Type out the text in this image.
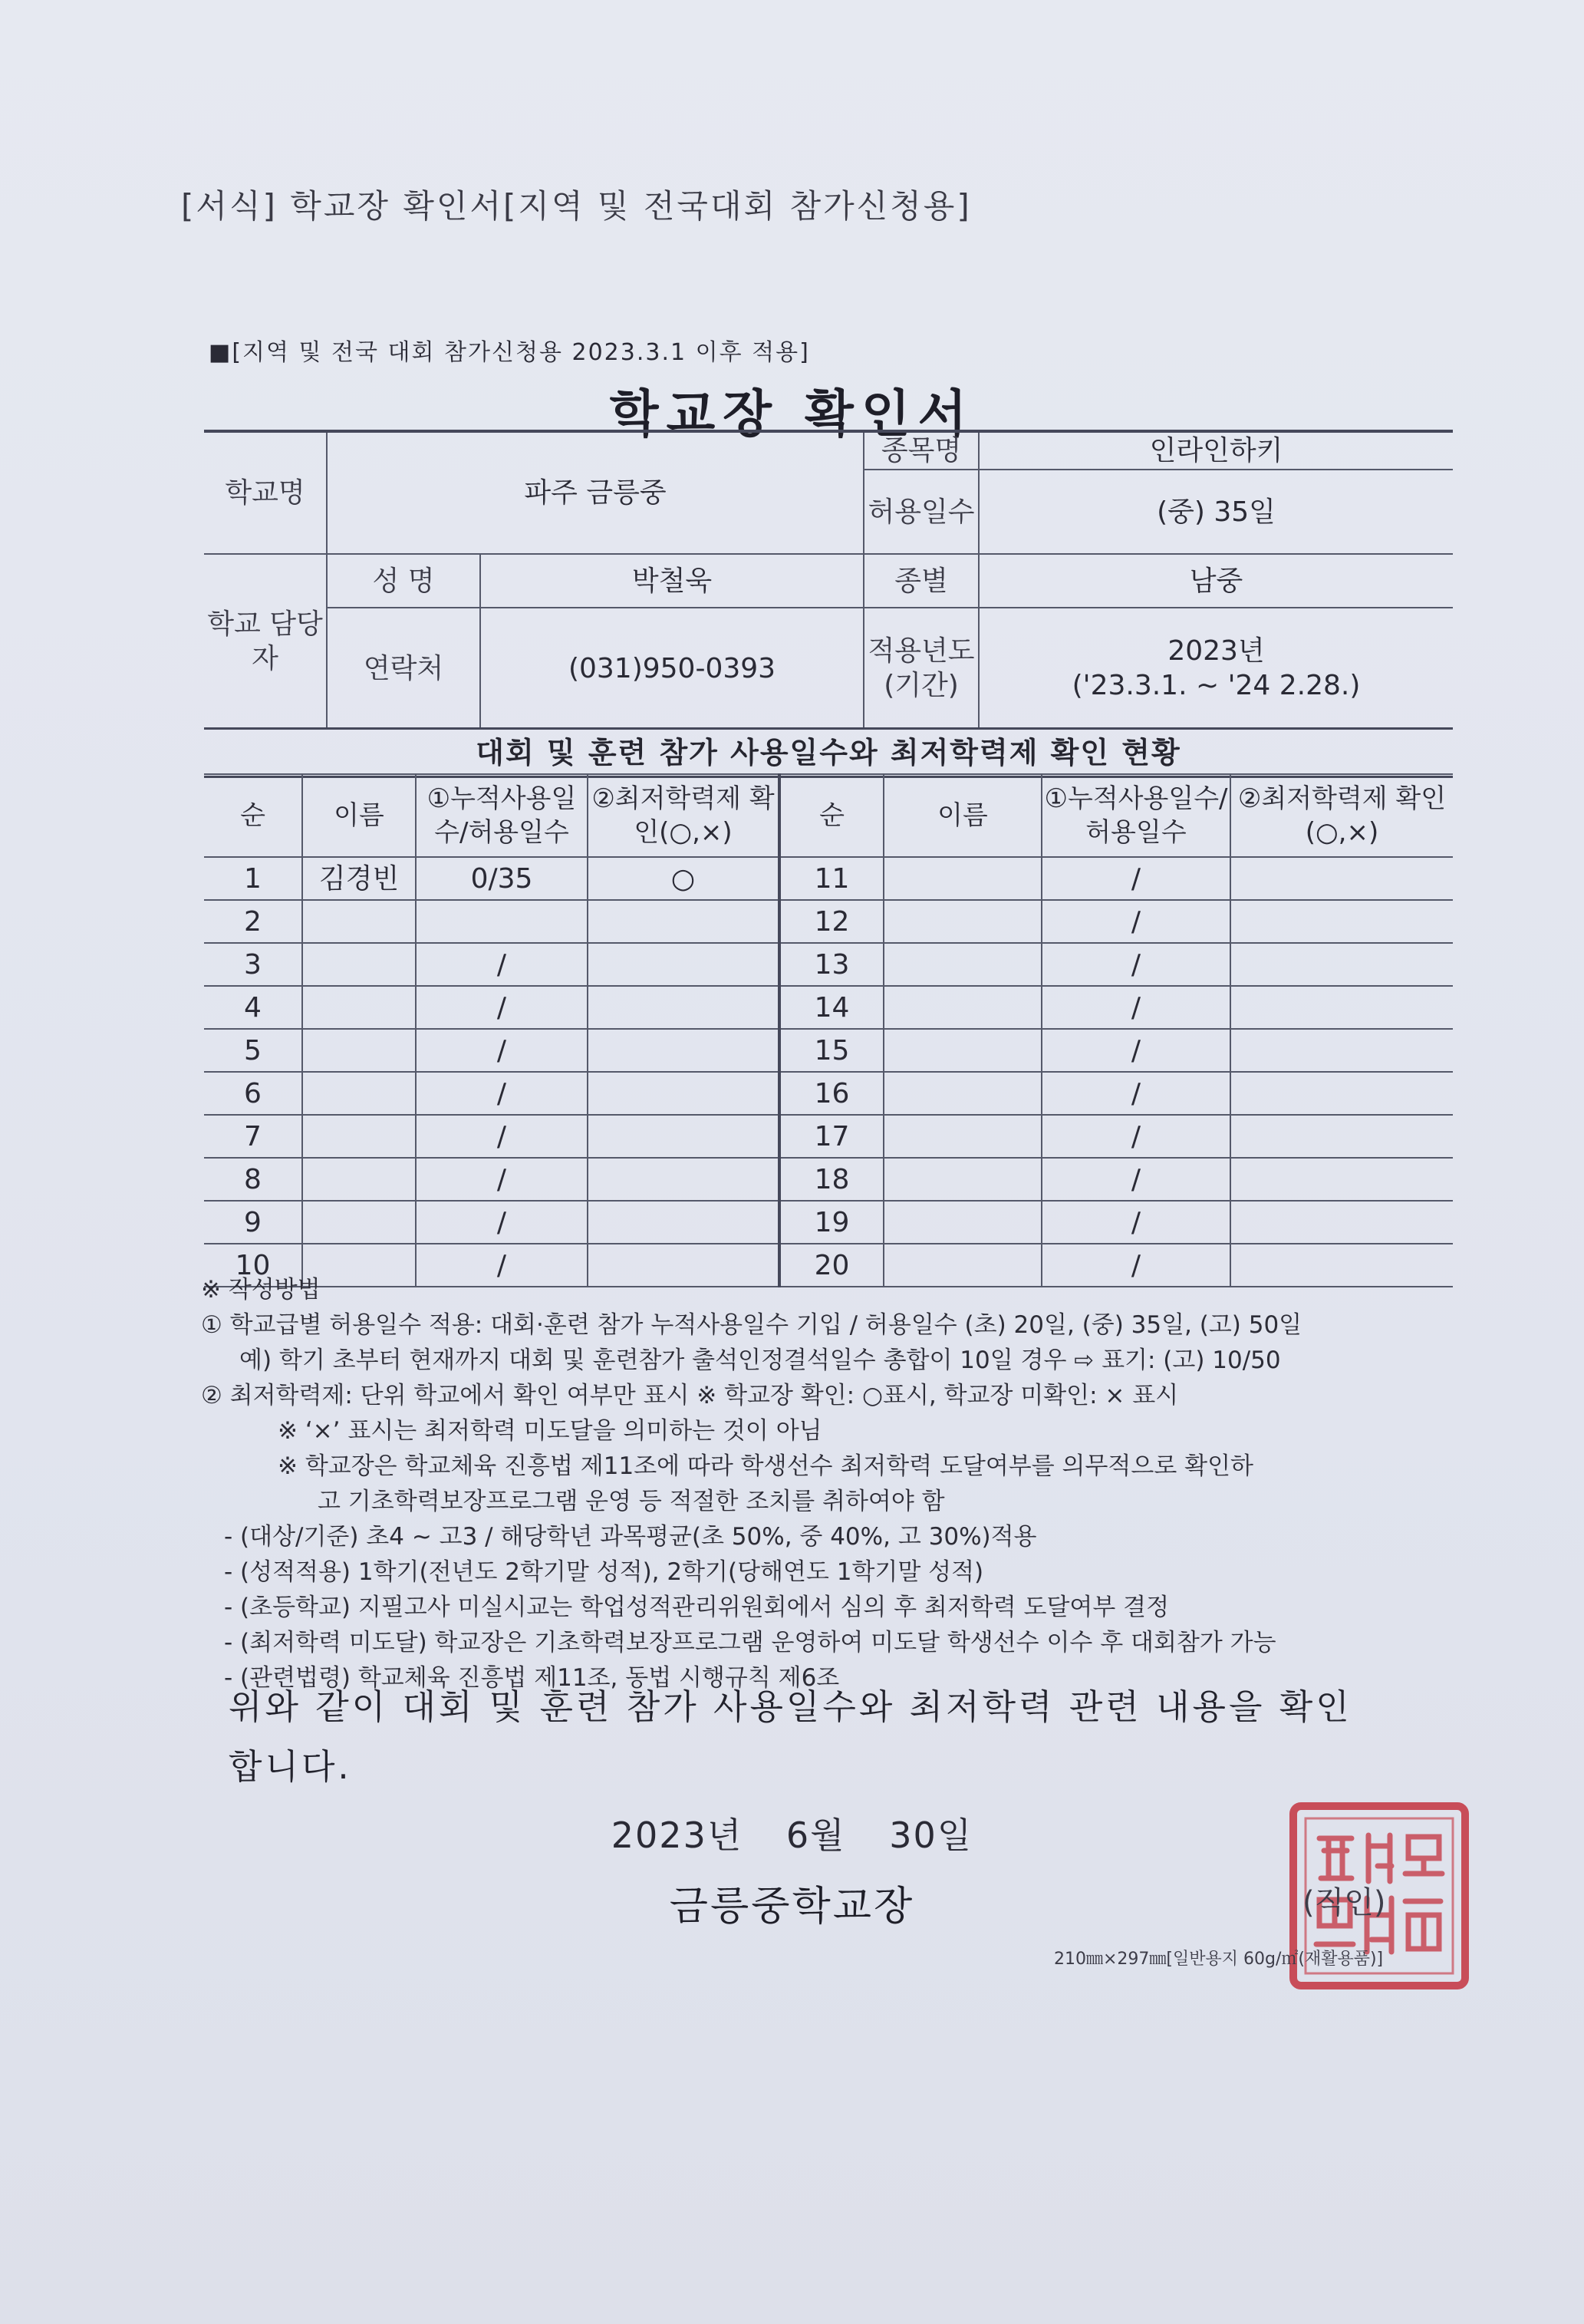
[서식] 학교장 확인서[지역 및 전국대회 참가신청용]
■[지역 및 전국 대회 참가신청용 2023.3.1 이후 적용]
학교장 확인서
학교명	파주 금릉중		종목명	인라인하키
			허용일수	(중) 35일
학교 담당자	성 명	박철욱	종별	남중
	연락처	(031)950-0393	적용년도 (기간)	2023년
('23.3.1. ~ '24 2.28.)
대회 및 훈련 참가 사용일수와 최저학력제 확인 현황
순	이름	①누적사용일수/허용일수	②최저학력제 확인(○,×)	순	이름	①누적사용일수/허용일수	②최저학력제 확인(○,×)
1	김경빈	0/35	○	11		/	
2				12		/	
3		/		13		/	
4		/		14		/	
5		/		15		/	
6		/		16		/	
7		/		17		/	
8		/		18		/	
9		/		19		/	
10		/		20		/	
※ 작성방법
① 학교급별 허용일수 적용: 대회·훈련 참가 누적사용일수 기입 / 허용일수 (초) 20일, (중) 35일, (고) 50일
예) 학기 초부터 현재까지 대회 및 훈련참가 출석인정결석일수 총합이 10일 경우 ⇨ 표기: (고) 10/50
② 최저학력제: 단위 학교에서 확인 여부만 표시 ※ 학교장 확인: ○표시, 학교장 미확인: × 표시
※ ‘×’ 표시는 최저학력 미도달을 의미하는 것이 아님
※ 학교장은 학교체육 진흥법 제11조에 따라 학생선수 최저학력 도달여부를 의무적으로 확인하
고 기초학력보장프로그램 운영 등 적절한 조치를 취하여야 함
- (대상/기준) 초4 ~ 고3 / 해당학년 과목평균(초 50%, 중 40%, 고 30%)적용
- (성적적용) 1학기(전년도 2학기말 성적), 2학기(당해연도 1학기말 성적)
- (초등학교) 지필고사 미실시교는 학업성적관리위원회에서 심의 후 최저학력 도달여부 결정
- (최저학력 미도달) 학교장은 기초학력보장프로그램 운영하여 미도달 학생선수 이수 후 대회참가 가능
- (관련법령) 학교체육 진흥법 제11조, 동법 시행규칙 제6조
위와 같이 대회 및 훈련 참가 사용일수와 최저학력 관련 내용을 확인
합니다.
2023년 6월 30일
금릉중학교장	(직인)
210㎜×297㎜[일반용지 60g/㎡(재활용품)]
